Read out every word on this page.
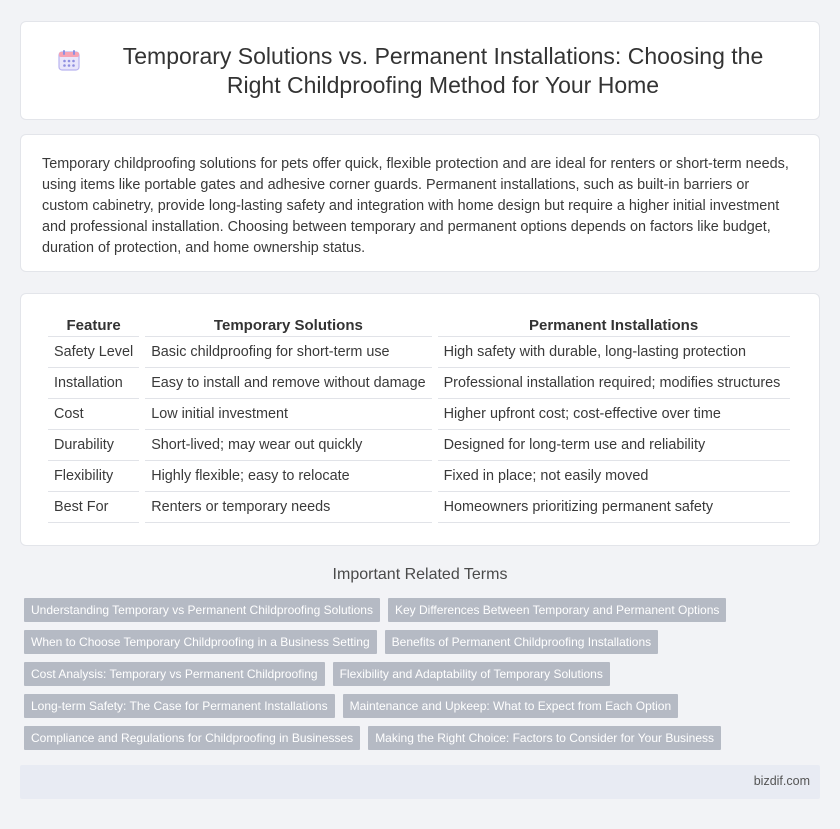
Temporary Solutions vs. Permanent Installations: Choosing the Right Childproofing Method for Your Home

Temporary childproofing solutions for pets offer quick, flexible protection and are ideal for renters or short-term needs, using items like portable gates and adhesive corner guards. Permanent installations, such as built-in barriers or custom cabinetry, provide long-lasting safety and integration with home design but require a higher initial investment and professional installation. Choosing between temporary and permanent options depends on factors like budget, duration of protection, and home ownership status.

Feature	Temporary Solutions	Permanent Installations
Safety Level	Basic childproofing for short-term use	High safety with durable, long-lasting protection
Installation	Easy to install and remove without damage	Professional installation required; modifies structures
Cost	Low initial investment	Higher upfront cost; cost-effective over time
Durability	Short-lived; may wear out quickly	Designed for long-term use and reliability
Flexibility	Highly flexible; easy to relocate	Fixed in place; not easily moved
Best For	Renters or temporary needs	Homeowners prioritizing permanent safety
Important Related Terms
Understanding Temporary vs Permanent Childproofing Solutions	Key Differences Between Temporary and Permanent Options
When to Choose Temporary Childproofing in a Business Setting	Benefits of Permanent Childproofing Installations
Cost Analysis: Temporary vs Permanent Childproofing	Flexibility and Adaptability of Temporary Solutions
Long-term Safety: The Case for Permanent Installations	Maintenance and Upkeep: What to Expect from Each Option
Compliance and Regulations for Childproofing in Businesses	Making the Right Choice: Factors to Consider for Your Business
bizdif.com
